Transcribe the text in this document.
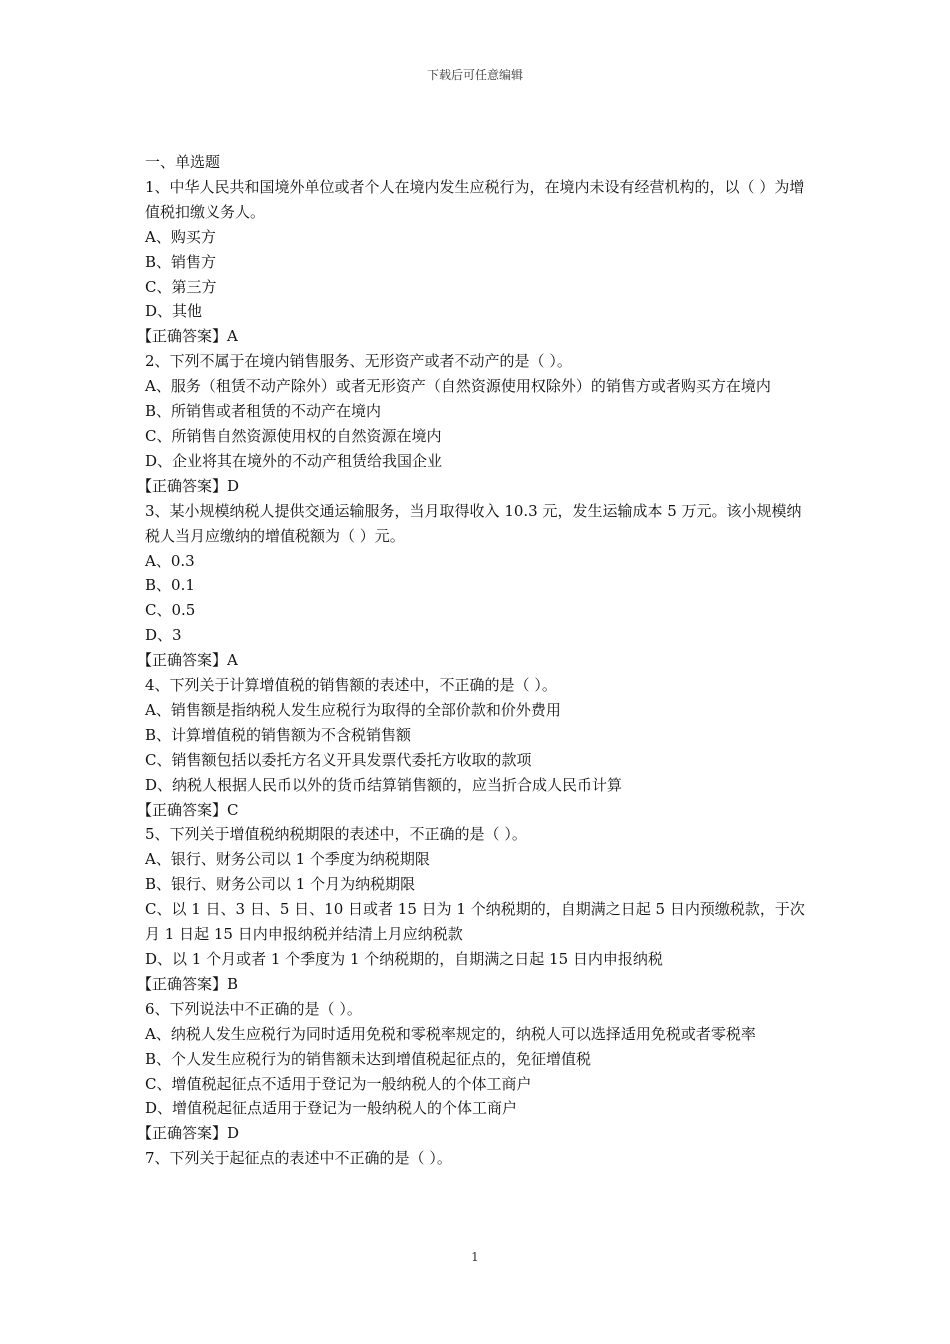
下载后可任意编辑
一、单选题
1、中华人民共和国境外单位或者个人在境内发生应税行为，在境内未设有经营机构的，以（ ）为增值税扣缴义务人。
A、购买方
B、销售方
C、第三方
D、其他
【正确答案】A
2、下列不属于在境内销售服务、无形资产或者不动产的是（ ）。
A、服务（租赁不动产除外）或者无形资产（自然资源使用权除外）的销售方或者购买方在境内
B、所销售或者租赁的不动产在境内
C、所销售自然资源使用权的自然资源在境内
D、企业将其在境外的不动产租赁给我国企业
【正确答案】D
3、某小规模纳税人提供交通运输服务，当月取得收入 10.3 元，发生运输成本 5 万元。该小规模纳税人当月应缴纳的增值税额为（ ）元。
A、0.3
B、0.1
C、0.5
D、3
【正确答案】A
4、下列关于计算增值税的销售额的表述中，不正确的是（ ）。
A、销售额是指纳税人发生应税行为取得的全部价款和价外费用
B、计算增值税的销售额为不含税销售额
C、销售额包括以委托方名义开具发票代委托方收取的款项
D、纳税人根据人民币以外的货币结算销售额的，应当折合成人民币计算
【正确答案】C
5、下列关于增值税纳税期限的表述中，不正确的是（ ）。
A、银行、财务公司以 1 个季度为纳税期限
B、银行、财务公司以 1 个月为纳税期限
C、以 1 日、3 日、5 日、10 日或者 15 日为 1 个纳税期的，自期满之日起 5 日内预缴税款，于次月 1 日起 15 日内申报纳税并结清上月应纳税款
D、以 1 个月或者 1 个季度为 1 个纳税期的，自期满之日起 15 日内申报纳税
【正确答案】B
6、下列说法中不正确的是（ ）。
A、纳税人发生应税行为同时适用免税和零税率规定的，纳税人可以选择适用免税或者零税率
B、个人发生应税行为的销售额未达到增值税起征点的，免征增值税
C、增值税起征点不适用于登记为一般纳税人的个体工商户
D、增值税起征点适用于登记为一般纳税人的个体工商户
【正确答案】D
7、下列关于起征点的表述中不正确的是（ ）。
1
